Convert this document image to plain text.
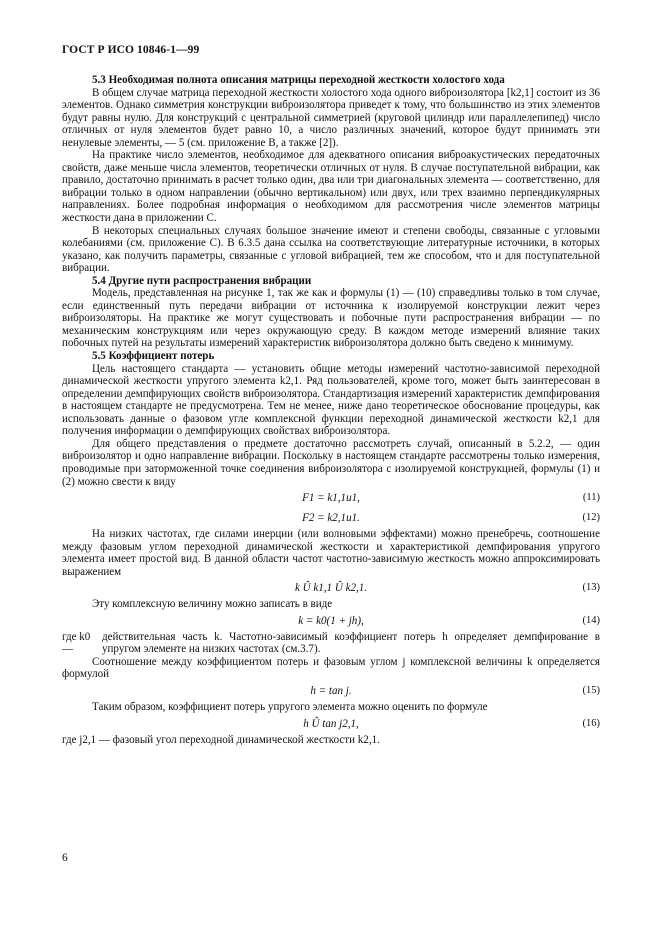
ГОСТ Р ИСО 10846-1—99
5.3 Необходимая полнота описания матрицы переходной жесткости холостого хода

В общем случае матрица переходной жесткости холостого хода одного виброизолятора [k2,1] состоит из 36 элементов. Однако симметрия конструкции виброизолятора приведет к тому, что большинство из этих элементов будут равны нулю. Для конструкций с центральной симметрией (круговой цилиндр или параллелепипед) число отличных от нуля элементов будет равно 10, а число различных значений, которое будут принимать эти ненулевые элементы, — 5 (см. приложение В, а также [2]).

На практике число элементов, необходимое для адекватного описания виброакустических передаточных свойств, даже меньше числа элементов, теоретически отличных от нуля. В случае поступательной вибрации, как правило, достаточно принимать в расчет только один, два или три диагональных элемента — соответственно, для вибрации только в одном направлении (обычно вертикальном) или двух, или трех взаимно перпендикулярных направлениях. Более подробная информация о необходимом для рассмотрения числе элементов матрицы жесткости дана в приложении С.

В некоторых специальных случаях большое значение имеют и степени свободы, связанные с угловыми колебаниями (см. приложение С). В 6.3.5 дана ссылка на соответствующие литературные источники, в которых указано, как получить параметры, связанные с угловой вибрацией, тем же способом, что и для поступательной вибрации.

5.4 Другие пути распространения вибрации

Модель, представленная на рисунке 1, так же как и формулы (1) — (10) справедливы только в том случае, если единственный путь передачи вибрации от источника к изолируемой конструкции лежит через виброизоляторы. На практике же могут существовать и побочные пути распространения вибрации — по механическим конструкциям или через окружающую среду. В каждом методе измерений влияние таких побочных путей на результаты измерений характеристик виброизолятора должно быть сведено к минимуму.

5.5 Коэффициент потерь

Цель настоящего стандарта — установить общие методы измерений частотно-зависимой переходной динамической жесткости упругого элемента k2,1. Ряд пользователей, кроме того, может быть заинтересован в определении демпфирующих свойств виброизолятора. Стандартизация измерений характеристик демпфирования в настоящем стандарте не предусмотрена. Тем не менее, ниже дано теоретическое обоснование процедуры, как использовать данные о фазовом угле комплексной функции переходной динамической жесткости k2,1 для получения информации о демпфирующих свойствах виброизолятора.

Для общего представления о предмете достаточно рассмотреть случай, описанный в 5.2.2, — один виброизолятор и одно направление вибрации. Поскольку в настоящем стандарте рассмотрены только измерения, проводимые при заторможенной точке соединения виброизолятора с изолируемой конструкцией, формулы (1) и (2) можно свести к виду

F1 = k1,1u1,	(11)
F2 = k2,1u1.	(12)

На низких частотах, где силами инерции (или волновыми эффектами) можно пренебречь, соотношение между фазовым углом переходной динамической жесткости и характеристикой демпфирования упругого элемента имеет простой вид. В данной области частот частотно-зависимую жесткость можно аппроксимировать выражением

k Û k1,1 Û k2,1.	(13)

Эту комплексную величину можно записать в виде

k = k0(1 + jh),	(14)
где k0 —
действительная часть k. Частотно-зависимый коэффициент потерь h определяет демпфирование в упругом элементе на низких частотах (см.3.7).

Соотношение между коэффициентом потерь и фазовым углом j комплексной величины k определяется формулой

h = tan j.	(15)

Таким образом, коэффициент потерь упругого элемента можно оценить по формуле

h Û tan j2,1,	(16)

где j2,1 — фазовый угол переходной динамической жесткости k2,1.

6
